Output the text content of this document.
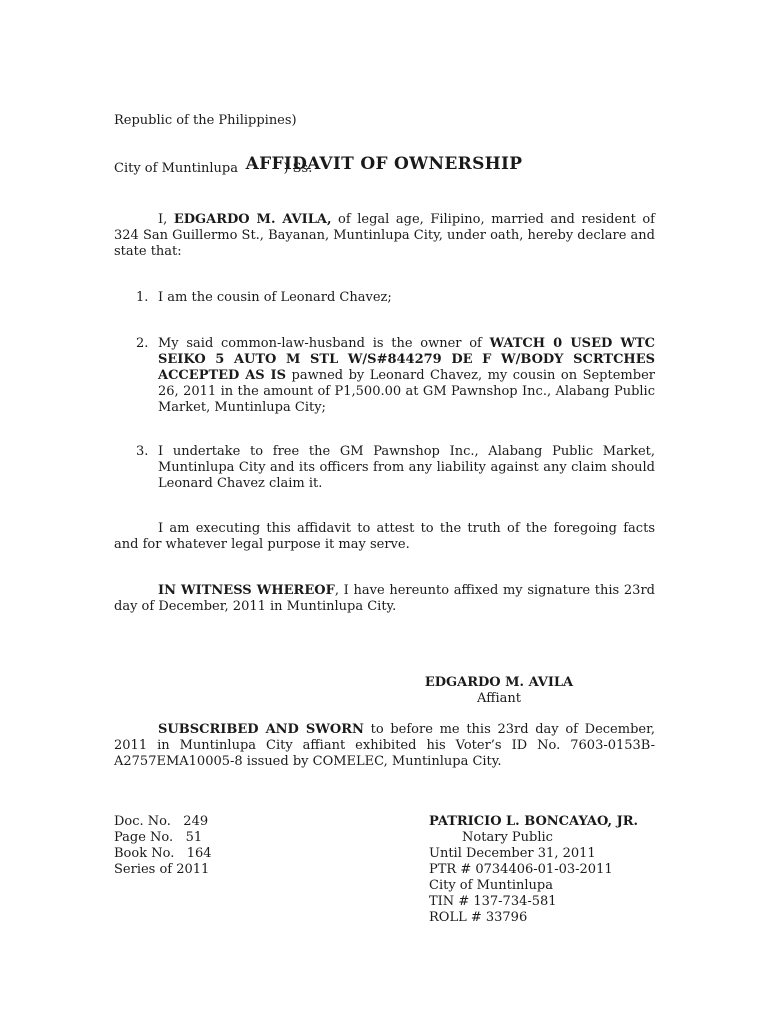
Republic of the Philippines)

City of Muntinlupa           ) Ss.

AFFIDAVIT OF OWNERSHIP
I, EDGARDO M. AVILA, of legal age, Filipino, married and resident of 324 San Guillermo St., Bayanan, Muntinlupa City, under oath, hereby declare and state that:
1. I am the cousin of Leonard Chavez;
2. My said common-law-husband is the owner of WATCH 0 USED WTC SEIKO 5 AUTO M STL W/S#844279 DE F W/BODY SCRTCHES ACCEPTED AS IS pawned by Leonard Chavez, my cousin on September 26, 2011 in the amount of P1,500.00 at GM Pawnshop Inc., Alabang Public Market, Muntinlupa City;
3. I undertake to free the GM Pawnshop Inc., Alabang Public Market, Muntinlupa City and its officers from any liability against any claim should Leonard Chavez claim it.
I am executing this affidavit to attest to the truth of the foregoing facts and for whatever legal purpose it may serve.
IN WITNESS WHEREOF, I have hereunto affixed my signature this 23rd day of December, 2011 in Muntinlupa City.
EDGARDO M. AVILA
Affiant
SUBSCRIBED AND SWORN to before me this 23rd day of December, 2011 in Muntinlupa City affiant exhibited his Voter’s ID No. 7603-0153B-A2757EMA10005-8 issued by COMELEC, Muntinlupa City.
Doc. No.   249
Page No.   51
Book No.   164
Series of 2011
PATRICIO L. BONCAYAO, JR.
Notary Public
Until December 31, 2011
PTR # 0734406-01-03-2011
City of Muntinlupa
TIN # 137-734-581
ROLL # 33796
